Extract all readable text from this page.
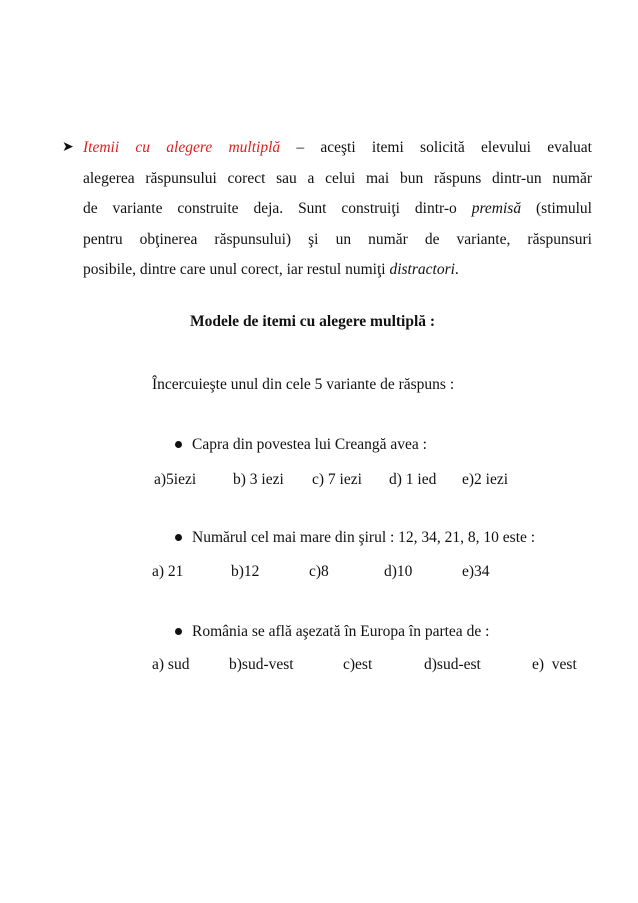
➤ Itemii cu alegere multiplă – aceşti itemi solicită elevului evaluat
alegerea răspunsului corect sau a celui mai bun răspuns dintr-un număr
de variante construite deja. Sunt construiţi dintr-o premisă (stimulul
pentru obţinerea răspunsului) şi un număr de variante, răspunsuri
posibile, dintre care unul corect, iar restul numiţi distractori.
Modele de itemi cu alegere multiplă :
Încercuieşte unul din cele 5 variante de răspuns :
Capra din povestea lui Creangă avea :
a)5iezi b) 3 iezi c) 7 iezi d) 1 ied e)2 iezi
Numărul cel mai mare din şirul : 12, 34, 21, 8, 10 este :
a) 21	b)12	c)8	d)10	e)34
România se află aşezată în Europa în partea de :
a) sud	b)sud-vest	c)est	d)sud-est	e)  vest
